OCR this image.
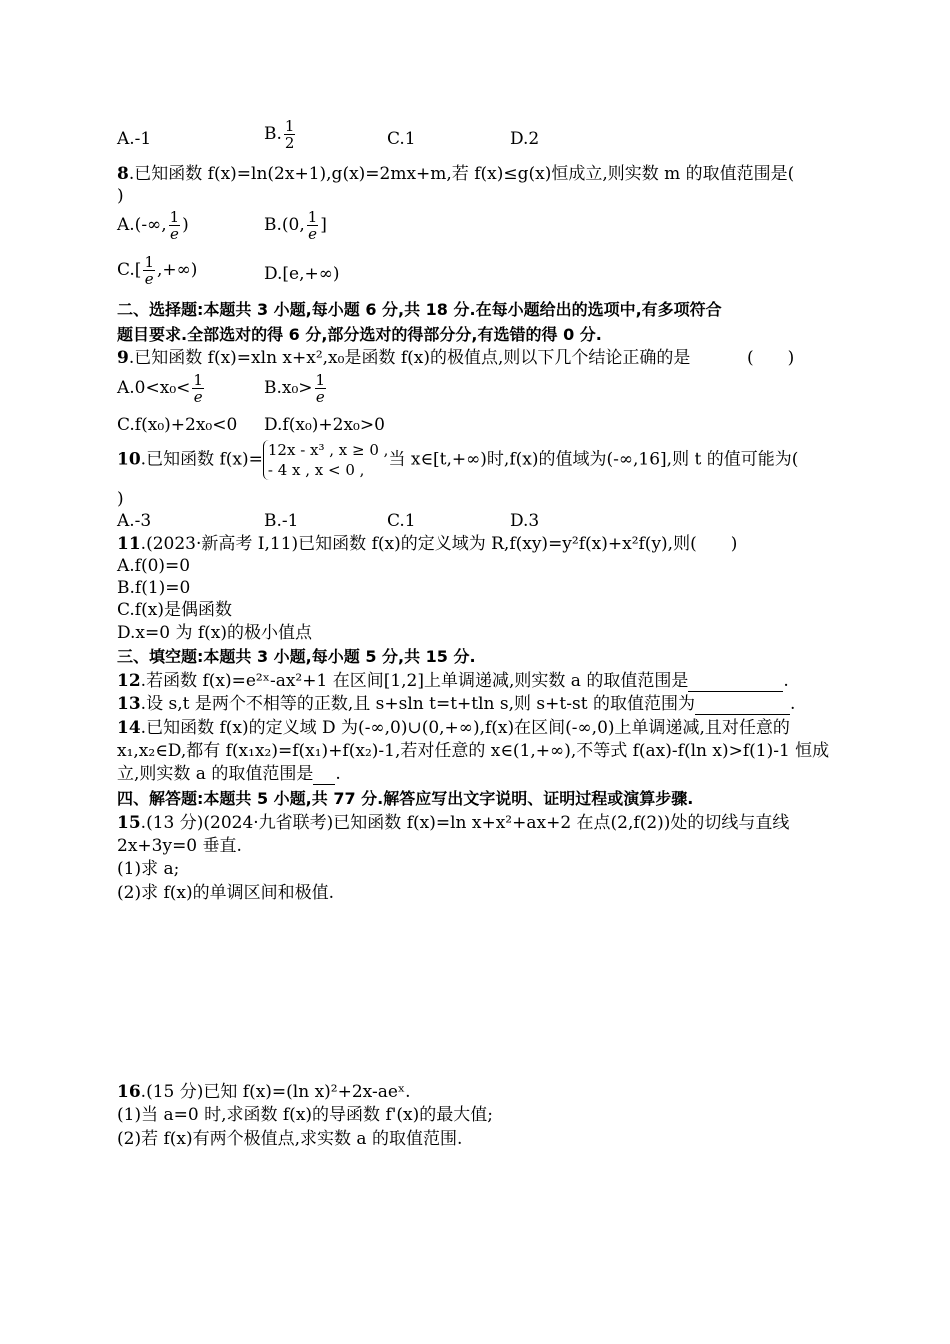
A.-1	B. $\frac{1}{2}$	C.1	D.2
8.已知函数 f(x)=ln(2x+1),g(x)=2mx+m,若 f(x)≤g(x)恒成立,则实数 m 的取值范围是(
)
A.(-∞, $\frac{1}{e}$ )	B.(0, $\frac{1}{e}$ ]
$C.[ \frac{1}{e}$ ,+∞)	D.[e,+∞)
二、选择题:本题共 3 小题,每小题 6 分,共 18 分.在每小题给出的选项中,有多项符合
题目要求.全部选对的得 6 分,部分选对的得部分分,有选错的得 0 分.
9.已知函数 f(x)=xln x+x²,x₀是函数 f(x)的极值点,则以下几个结论正确的是	(　　)
$A.0<x_0< \frac{1}{e}$	$B.x_0> \frac{1}{e}$
C.f(x₀)+2x₀<0 D.f(x₀)+2x₀>0
10.已知函数 f(x)= 12x - x³ , x ≥ 0 ,
- 4 x , x < 0 ,
当 x∈[t,+∞)时,f(x)的值域为(-∞,16],则 t 的值可能为(
)
A.-3	B.-1	C.1	D.3
11.(2023·新高考 Ⅰ,11)已知函数 f(x)的定义域为 R,f(xy)=y²f(x)+x²f(y),则(　　)
A.f(0)=0
B.f(1)=0
C.f(x)是偶函数
D.x=0 为 f(x)的极小值点
三、填空题:本题共 3 小题,每小题 5 分,共 15 分.
12.若函数 f(x)=e²ˣ-ax²+1 在区间[1,2]上单调递减,则实数 a 的取值范围是	.
13.设 s,t 是两个不相等的正数,且 s+sln t=t+tln s,则 s+t-st 的取值范围为	.
14.已知函数 f(x)的定义域 D 为(-∞,0)∪(0,+∞),f(x)在区间(-∞,0)上单调递减,且对任意的
x₁,x₂∈D,都有 f(x₁x₂)=f(x₁)+f(x₂)-1,若对任意的 x∈(1,+∞),不等式 f(ax)-f(ln x)>f(1)-1 恒成
立,则实数 a 的取值范围是 .
四、解答题:本题共 5 小题,共 77 分.解答应写出文字说明、证明过程或演算步骤.
15.(13 分)(2024·九省联考)已知函数 f(x)=ln x+x²+ax+2 在点(2,f(2))处的切线与直线
2x+3y=0 垂直.
(1)求 a;
(2)求 f(x)的单调区间和极值.
16.(15 分)已知 f(x)=(ln x)²+2x-aeˣ.
(1)当 a=0 时,求函数 f(x)的导函数 f'(x)的最大值;
(2)若 f(x)有两个极值点,求实数 a 的取值范围.
